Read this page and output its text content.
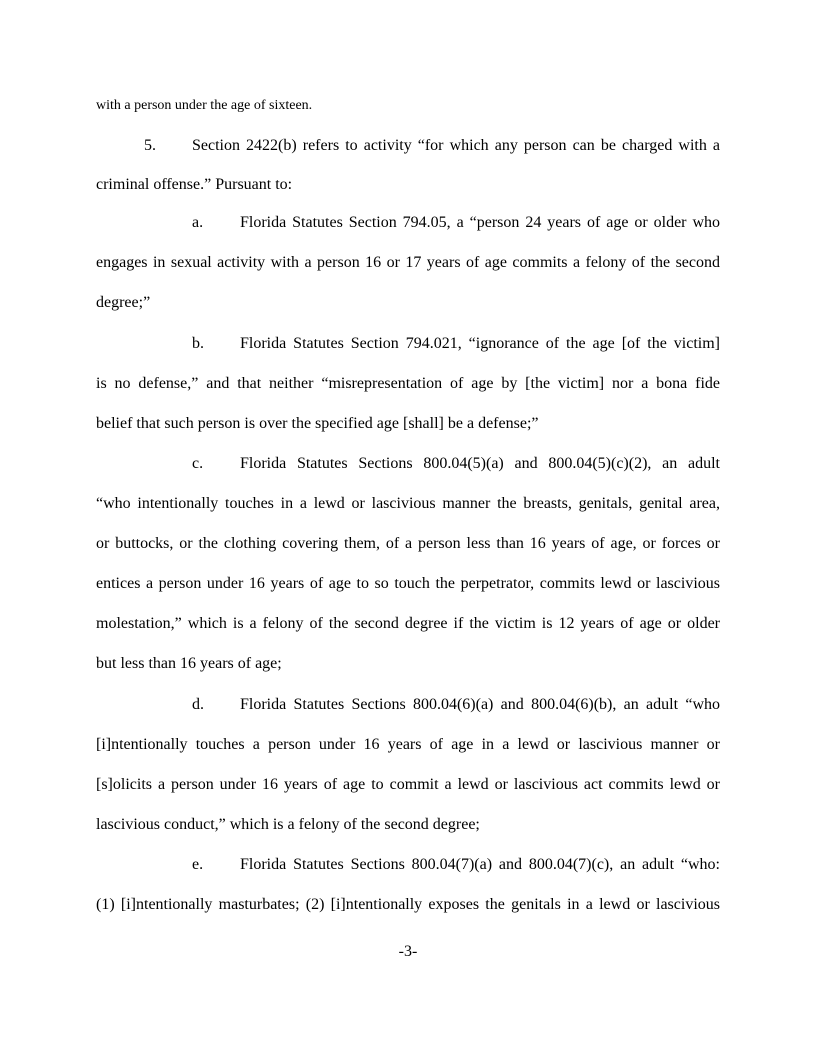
with a person under the age of sixteen.
5. Section 2422(b) refers to activity “for which any person can be charged with a
criminal offense.” Pursuant to:
a. Florida Statutes Section 794.05, a “person 24 years of age or older who
engages in sexual activity with a person 16 or 17 years of age commits a felony of the second
degree;”
b. Florida Statutes Section 794.021, “ignorance of the age [of the victim]
is no defense,” and that neither “misrepresentation of age by [the victim] nor a bona fide
belief that such person is over the specified age [shall] be a defense;”
c. Florida Statutes Sections 800.04(5)(a) and 800.04(5)(c)(2), an adult
“who intentionally touches in a lewd or lascivious manner the breasts, genitals, genital area,
or buttocks, or the clothing covering them, of a person less than 16 years of age, or forces or
entices a person under 16 years of age to so touch the perpetrator, commits lewd or lascivious
molestation,” which is a felony of the second degree if the victim is 12 years of age or older
but less than 16 years of age;
d. Florida Statutes Sections 800.04(6)(a) and 800.04(6)(b), an adult “who
[i]ntentionally touches a person under 16 years of age in a lewd or lascivious manner or
[s]olicits a person under 16 years of age to commit a lewd or lascivious act commits lewd or
lascivious conduct,” which is a felony of the second degree;
e. Florida Statutes Sections 800.04(7)(a) and 800.04(7)(c), an adult “who:
(1) [i]ntentionally masturbates; (2) [i]ntentionally exposes the genitals in a lewd or lascivious
-3-
